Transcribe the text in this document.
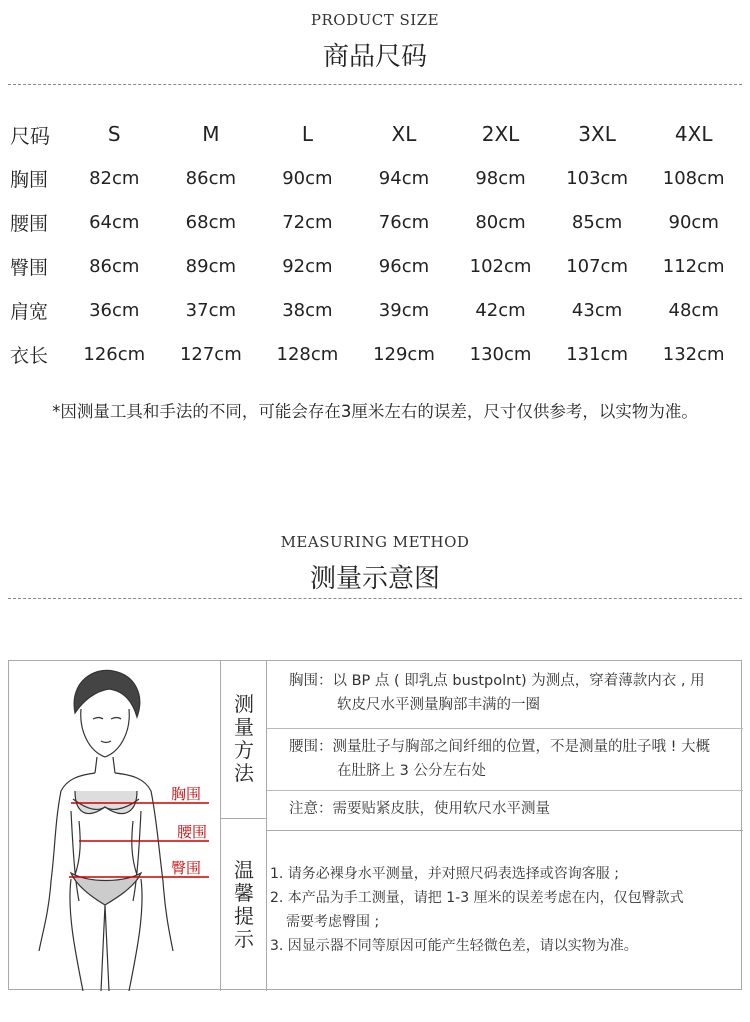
PRODUCT SIZE
商品尺码
尺码	S	M	L	XL	2XL	3XL	4XL
胸围	82cm	86cm	90cm	94cm	98cm	103cm	108cm
腰围	64cm	68cm	72cm	76cm	80cm	85cm	90cm
臀围	86cm	89cm	92cm	96cm	102cm	107cm	112cm
肩宽	36cm	37cm	38cm	39cm	42cm	43cm	48cm
衣长	126cm	127cm	128cm	129cm	130cm	131cm	132cm
*因测量工具和手法的不同，可能会存在3厘米左右的误差，尺寸仅供参考，以实物为准。
MEASURING METHOD
测量示意图
胸围
腰围
臀围
测
量
方
法
温
馨
提
示
胸围：以 BP 点 ( 即乳点 bustpolnt) 为测点，穿着薄款内衣 , 用
软皮尺水平测量胸部丰满的一圈
腰围：测量肚子与胸部之间纤细的位置，不是测量的肚子哦 ! 大概
在肚脐上 3 公分左右处
注意：需要贴紧皮肤，使用软尺水平测量
1. 请务必裸身水平测量，并对照尺码表选择或咨询客服 ;
2. 本产品为手工测量，请把 1-3 厘米的误差考虑在内，仅包臀款式
需要考虑臀围 ;
3. 因显示器不同等原因可能产生轻微色差，请以实物为准。
